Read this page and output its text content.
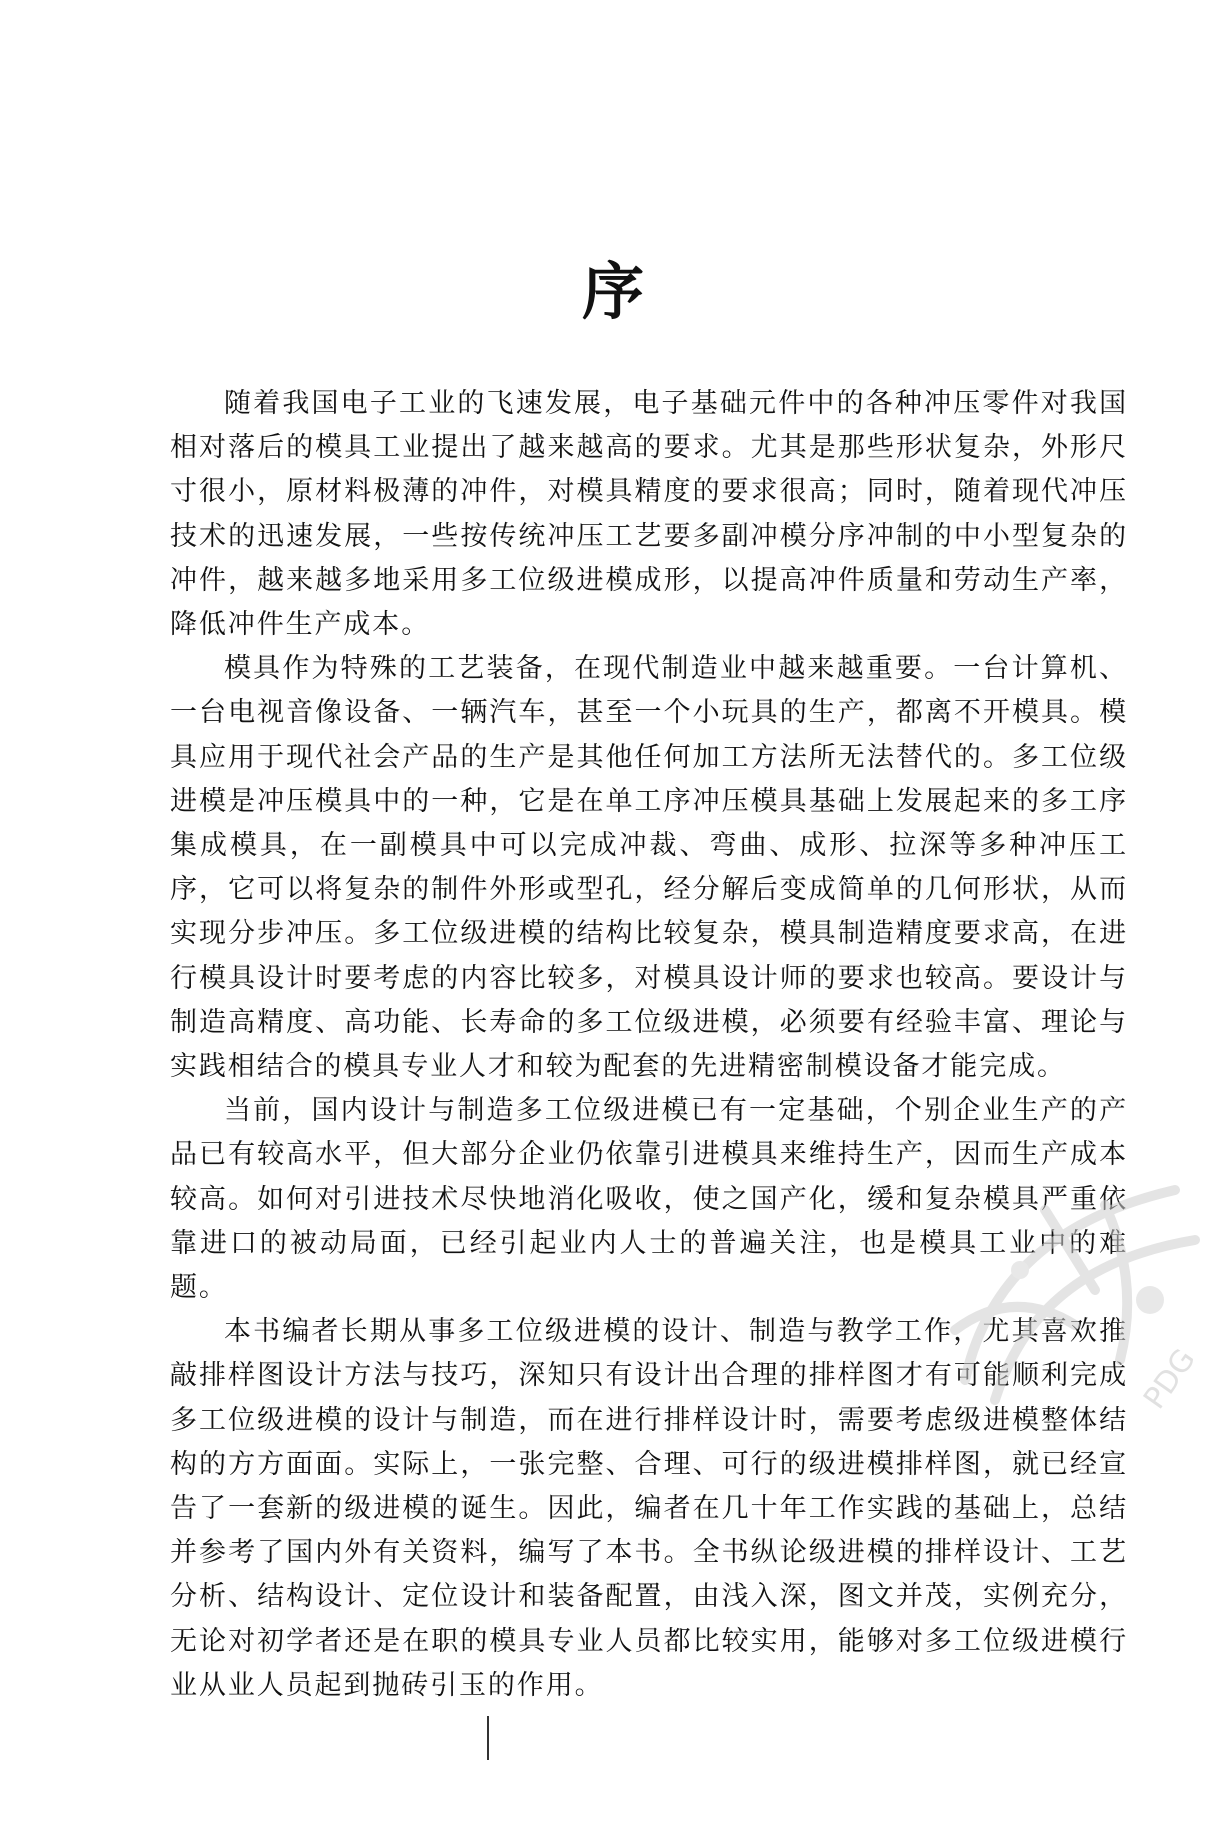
序

随着我国电子工业的飞速发展，电子基础元件中的各种冲压零件对我国相对落后的模具工业提出了越来越高的要求。尤其是那些形状复杂，外形尺寸很小，原材料极薄的冲件，对模具精度的要求很高；同时，随着现代冲压技术的迅速发展，一些按传统冲压工艺要多副冲模分序冲制的中小型复杂的冲件，越来越多地采用多工位级进模成形，以提高冲件质量和劳动生产率，降低冲件生产成本。

模具作为特殊的工艺装备，在现代制造业中越来越重要。一台计算机、一台电视音像设备、一辆汽车，甚至一个小玩具的生产，都离不开模具。模具应用于现代社会产品的生产是其他任何加工方法所无法替代的。多工位级进模是冲压模具中的一种，它是在单工序冲压模具基础上发展起来的多工序集成模具，在一副模具中可以完成冲裁、弯曲、成形、拉深等多种冲压工序，它可以将复杂的制件外形或型孔，经分解后变成简单的几何形状，从而实现分步冲压。多工位级进模的结构比较复杂，模具制造精度要求高，在进行模具设计时要考虑的内容比较多，对模具设计师的要求也较高。要设计与制造高精度、高功能、长寿命的多工位级进模，必须要有经验丰富、理论与实践相结合的模具专业人才和较为配套的先进精密制模设备才能完成。

当前，国内设计与制造多工位级进模已有一定基础，个别企业生产的产品已有较高水平，但大部分企业仍依靠引进模具来维持生产，因而生产成本较高。如何对引进技术尽快地消化吸收，使之国产化，缓和复杂模具严重依靠进口的被动局面，已经引起业内人士的普遍关注，也是模具工业中的难题。

本书编者长期从事多工位级进模的设计、制造与教学工作，尤其喜欢推敲排样图设计方法与技巧，深知只有设计出合理的排样图才有可能顺利完成多工位级进模的设计与制造，而在进行排样设计时，需要考虑级进模整体结构的方方面面。实际上，一张完整、合理、可行的级进模排样图，就已经宣告了一套新的级进模的诞生。因此，编者在几十年工作实践的基础上，总结并参考了国内外有关资料，编写了本书。全书纵论级进模的排样设计、工艺分析、结构设计、定位设计和装备配置，由浅入深，图文并茂，实例充分，无论对初学者还是在职的模具专业人员都比较实用，能够对多工位级进模行业从业人员起到抛砖引玉的作用。

PDG
